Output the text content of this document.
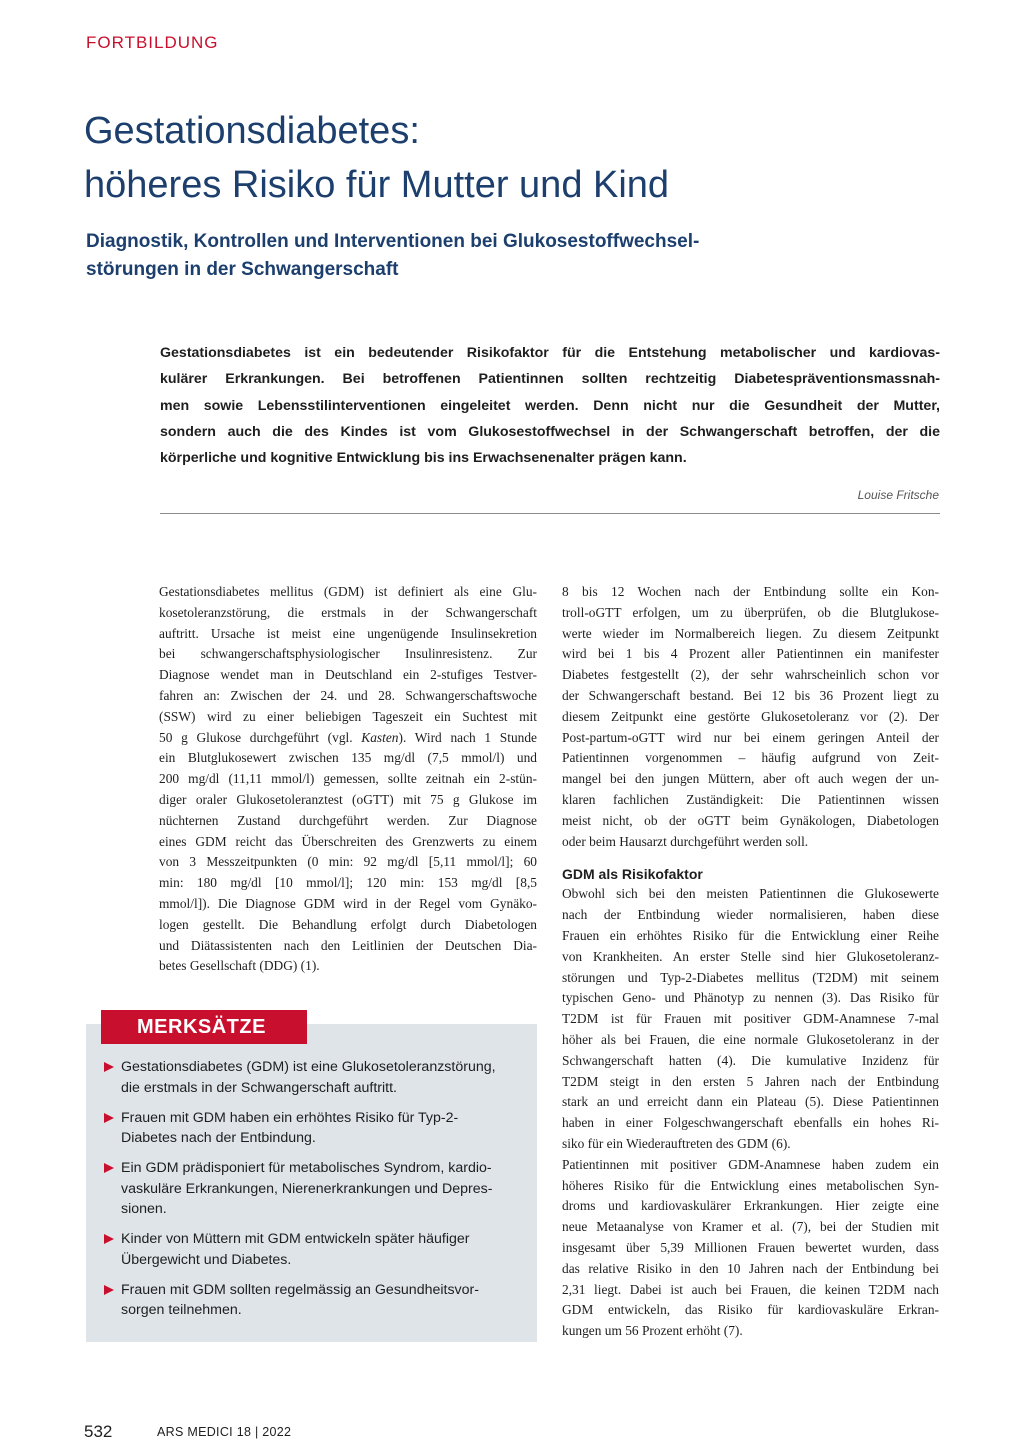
FORTBILDUNG
Gestationsdiabetes:
höheres Risiko für Mutter und Kind
Diagnostik, Kontrollen und Interventionen bei Glukosestoffwechsel-
störungen in der Schwangerschaft
Gestationsdiabetes ist ein bedeutender Risikofaktor für die Entstehung metabolischer und kardiovas-
kulärer Erkrankungen. Bei betroffenen Patientinnen sollten rechtzeitig Diabetespräventionsmassnah-
men sowie Lebensstilinterventionen eingeleitet werden. Denn nicht nur die Gesundheit der Mutter,
sondern auch die des Kindes ist vom Glukosestoffwechsel in der Schwangerschaft betroffen, der die
körperliche und kognitive Entwicklung bis ins Erwachsenenalter prägen kann.
Louise Fritsche

Gestationsdiabetes mellitus (GDM) ist definiert als eine Glu-
kosetoleranzstörung, die erstmals in der Schwangerschaft
auftritt. Ursache ist meist eine ungenügende Insulinsekretion
bei schwangerschaftsphysiologischer Insulinresistenz. Zur
Diagnose wendet man in Deutschland ein 2-stufiges Testver-
fahren an: Zwischen der 24. und 28. Schwangerschaftswoche
(SSW) wird zu einer beliebigen Tageszeit ein Suchtest mit
50 g Glukose durchgeführt (vgl. Kasten). Wird nach 1 Stunde
ein Blutglukosewert zwischen 135 mg/dl (7,5 mmol/l) und
200 mg/dl (11,11 mmol/l) gemessen, sollte zeitnah ein 2-stün-
diger oraler Glukosetoleranztest (oGTT) mit 75 g Glukose im
nüchternen Zustand durchgeführt werden. Zur Diagnose
eines GDM reicht das Überschreiten des Grenzwerts zu einem
von 3 Messzeitpunkten (0 min: 92 mg/dl [5,11 mmol/l]; 60
min: 180 mg/dl [10 mmol/l]; 120 min: 153 mg/dl [8,5
mmol/l]). Die Diagnose GDM wird in der Regel vom Gynäko-
logen gestellt. Die Behandlung erfolgt durch Diabetologen
und Diätassistenten nach den Leitlinien der Deutschen Dia-
betes Gesellschaft (DDG) (1).

8 bis 12 Wochen nach der Entbindung sollte ein Kon-
troll-oGTT erfolgen, um zu überprüfen, ob die Blutglukose-
werte wieder im Normalbereich liegen. Zu diesem Zeitpunkt
wird bei 1 bis 4 Prozent aller Patientinnen ein manifester
Diabetes festgestellt (2), der sehr wahrscheinlich schon vor
der Schwangerschaft bestand. Bei 12 bis 36 Prozent liegt zu
diesem Zeitpunkt eine gestörte Glukosetoleranz vor (2). Der
Post-partum-oGTT wird nur bei einem geringen Anteil der
Patientinnen vorgenommen – häufig aufgrund von Zeit-
mangel bei den jungen Müttern, aber oft auch wegen der un-
klaren fachlichen Zuständigkeit: Die Patientinnen wissen
meist nicht, ob der oGTT beim Gynäkologen, Diabetologen
oder beim Hausarzt durchgeführt werden soll.

GDM als Risikofaktor

Obwohl sich bei den meisten Patientinnen die Glukosewerte
nach der Entbindung wieder normalisieren, haben diese
Frauen ein erhöhtes Risiko für die Entwicklung einer Reihe
von Krankheiten. An erster Stelle sind hier Glukosetoleranz-
störungen und Typ-2-Diabetes mellitus (T2DM) mit seinem
typischen Geno- und Phänotyp zu nennen (3). Das Risiko für
T2DM ist für Frauen mit positiver GDM-Anamnese 7-mal
höher als bei Frauen, die eine normale Glukosetoleranz in der
Schwangerschaft hatten (4). Die kumulative Inzidenz für
T2DM steigt in den ersten 5 Jahren nach der Entbindung
stark an und erreicht dann ein Plateau (5). Diese Patientinnen
haben in einer Folgeschwangerschaft ebenfalls ein hohes Ri-
siko für ein Wiederauftreten des GDM (6).

Patientinnen mit positiver GDM-Anamnese haben zudem ein
höheres Risiko für die Entwicklung eines metabolischen Syn-
droms und kardiovaskulärer Erkrankungen. Hier zeigte eine
neue Metaanalyse von Kramer et al. (7), bei der Studien mit
insgesamt über 5,39 Millionen Frauen bewertet wurden, dass
das relative Risiko in den 10 Jahren nach der Entbindung bei
2,31 liegt. Dabei ist auch bei Frauen, die keinen T2DM nach
GDM entwickeln, das Risiko für kardiovaskuläre Erkran-
kungen um 56 Prozent erhöht (7).

MERKSÄTZE
Gestationsdiabetes (GDM) ist eine Glukosetoleranzstörung,
die erstmals in der Schwangerschaft auftritt.
Frauen mit GDM haben ein erhöhtes Risiko für Typ-2-
Diabetes nach der Entbindung.
Ein GDM prädisponiert für metabolisches Syndrom, kardio-
vaskuläre Erkrankungen, Nierenerkrankungen und Depres-
sionen.
Kinder von Müttern mit GDM entwickeln später häufiger
Übergewicht und Diabetes.
Frauen mit GDM sollten regelmässig an Gesundheitsvor-
sorgen teilnehmen.
532	ARS MEDICI 18 | 2022
